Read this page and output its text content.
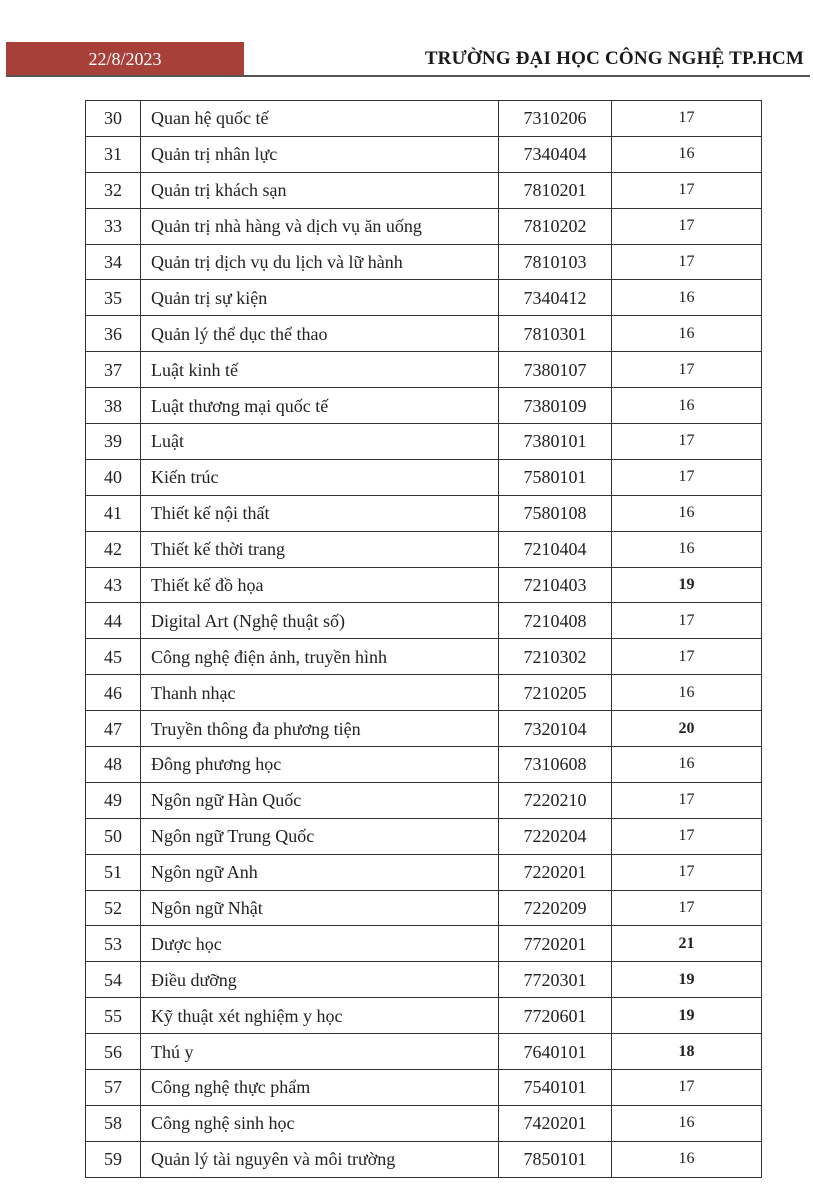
22/8/2023	TRƯỜNG ĐẠI HỌC CÔNG NGHỆ TP.HCM
30	Quan hệ quốc tế	7310206	17
31	Quản trị nhân lực	7340404	16
32	Quản trị khách sạn	7810201	17
33	Quản trị nhà hàng và dịch vụ ăn uống	7810202	17
34	Quản trị dịch vụ du lịch và lữ hành	7810103	17
35	Quản trị sự kiện	7340412	16
36	Quản lý thể dục thể thao	7810301	16
37	Luật kinh tế	7380107	17
38	Luật thương mại quốc tế	7380109	16
39	Luật	7380101	17
40	Kiến trúc	7580101	17
41	Thiết kế nội thất	7580108	16
42	Thiết kế thời trang	7210404	16
43	Thiết kế đồ họa	7210403	19
44	Digital Art (Nghệ thuật số)	7210408	17
45	Công nghệ điện ảnh, truyền hình	7210302	17
46	Thanh nhạc	7210205	16
47	Truyền thông đa phương tiện	7320104	20
48	Đông phương học	7310608	16
49	Ngôn ngữ Hàn Quốc	7220210	17
50	Ngôn ngữ Trung Quốc	7220204	17
51	Ngôn ngữ Anh	7220201	17
52	Ngôn ngữ Nhật	7220209	17
53	Dược học	7720201	21
54	Điều dưỡng	7720301	19
55	Kỹ thuật xét nghiệm y học	7720601	19
56	Thú y	7640101	18
57	Công nghệ thực phẩm	7540101	17
58	Công nghệ sinh học	7420201	16
59	Quản lý tài nguyên và môi trường	7850101	16
